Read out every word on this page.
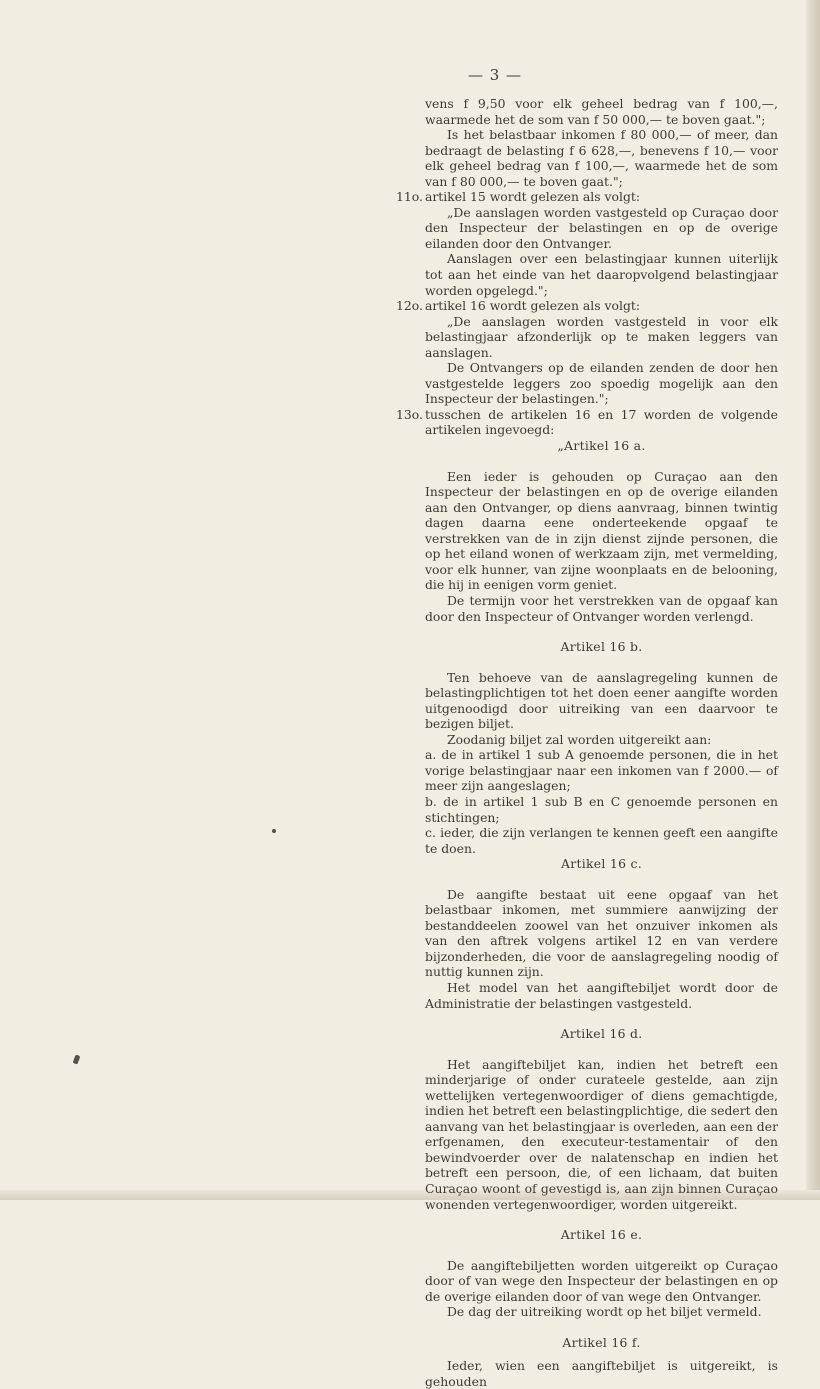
— 3 —

vens f 9,50 voor elk geheel bedrag van f 100,—, waarmede het de som van f 50 000,— te boven gaat.";

Is het belastbaar inkomen f 80 000,— of meer, dan bedraagt de belasting f 6 628,—, benevens f 10,— voor elk geheel bedrag van f 100,—, waarmede het de som van f 80 000,— te boven gaat.";

11o. artikel 15 wordt gelezen als volgt:

„De aanslagen worden vastgesteld op Curaçao door den Inspecteur der belastingen en op de overige eilanden door den Ontvanger.

Aanslagen over een belastingjaar kunnen uiterlijk tot aan het einde van het daaropvolgend belastingjaar worden opgelegd.";

12o. artikel 16 wordt gelezen als volgt:

„De aanslagen worden vastgesteld in voor elk belastingjaar afzonderlijk op te maken leggers van aanslagen.

De Ontvangers op de eilanden zenden de door hen vastgestelde leggers zoo spoedig mogelijk aan den Inspecteur der belastingen.";

13o. tusschen de artikelen 16 en 17 worden de volgende artikelen ingevoegd:

„Artikel 16 a.

Een ieder is gehouden op Curaçao aan den Inspecteur der belastingen en op de overige eilanden aan den Ontvanger, op diens aanvraag, binnen twintig dagen daarna eene onderteekende opgaaf te verstrekken van de in zijn dienst zijnde personen, die op het eiland wonen of werkzaam zijn, met vermelding, voor elk hunner, van zijne woonplaats en de belooning, die hij in eenigen vorm geniet.

De termijn voor het verstrekken van de opgaaf kan door den Inspecteur of Ontvanger worden verlengd.

Artikel 16 b.

Ten behoeve van de aanslagregeling kunnen de belastingplichtigen tot het doen eener aangifte worden uitgenoodigd door uitreiking van een daarvoor te bezigen biljet.

Zoodanig biljet zal worden uitgereikt aan:

a. de in artikel 1 sub A genoemde personen, die in het vorige belastingjaar naar een inkomen van f 2000.— of meer zijn aangeslagen;

b. de in artikel 1 sub B en C genoemde personen en stichtingen;

c. ieder, die zijn verlangen te kennen geeft een aangifte te doen.

Artikel 16 c.

De aangifte bestaat uit eene opgaaf van het belastbaar inkomen, met summiere aanwijzing der bestanddeelen zoowel van het onzuiver inkomen als van den aftrek volgens artikel 12 en van verdere bijzonderheden, die voor de aanslagregeling noodig of nuttig kunnen zijn.

Het model van het aangiftebiljet wordt door de Administratie der belastingen vastgesteld.

Artikel 16 d.

Het aangiftebiljet kan, indien het betreft een minderjarige of onder curateele gestelde, aan zijn wettelijken vertegenwoordiger of diens gemachtigde, indien het betreft een belastingplichtige, die sedert den aanvang van het belastingjaar is overleden, aan een der erfgenamen, den executeur-testamentair of den bewindvoerder over de nalatenschap en indien het betreft een persoon, die, of een lichaam, dat buiten Curaçao woont of gevestigd is, aan zijn binnen Curaçao wonenden vertegenwoordiger, worden uitgereikt.

Artikel 16 e.

De aangiftebiljetten worden uitgereikt op Curaçao door of van wege den Inspecteur der belastingen en op de overige eilanden door of van wege den Ontvanger.

De dag der uitreiking wordt op het biljet vermeld.

Artikel 16 f.

Ieder, wien een aangiftebiljet is uitgereikt, is gehouden
